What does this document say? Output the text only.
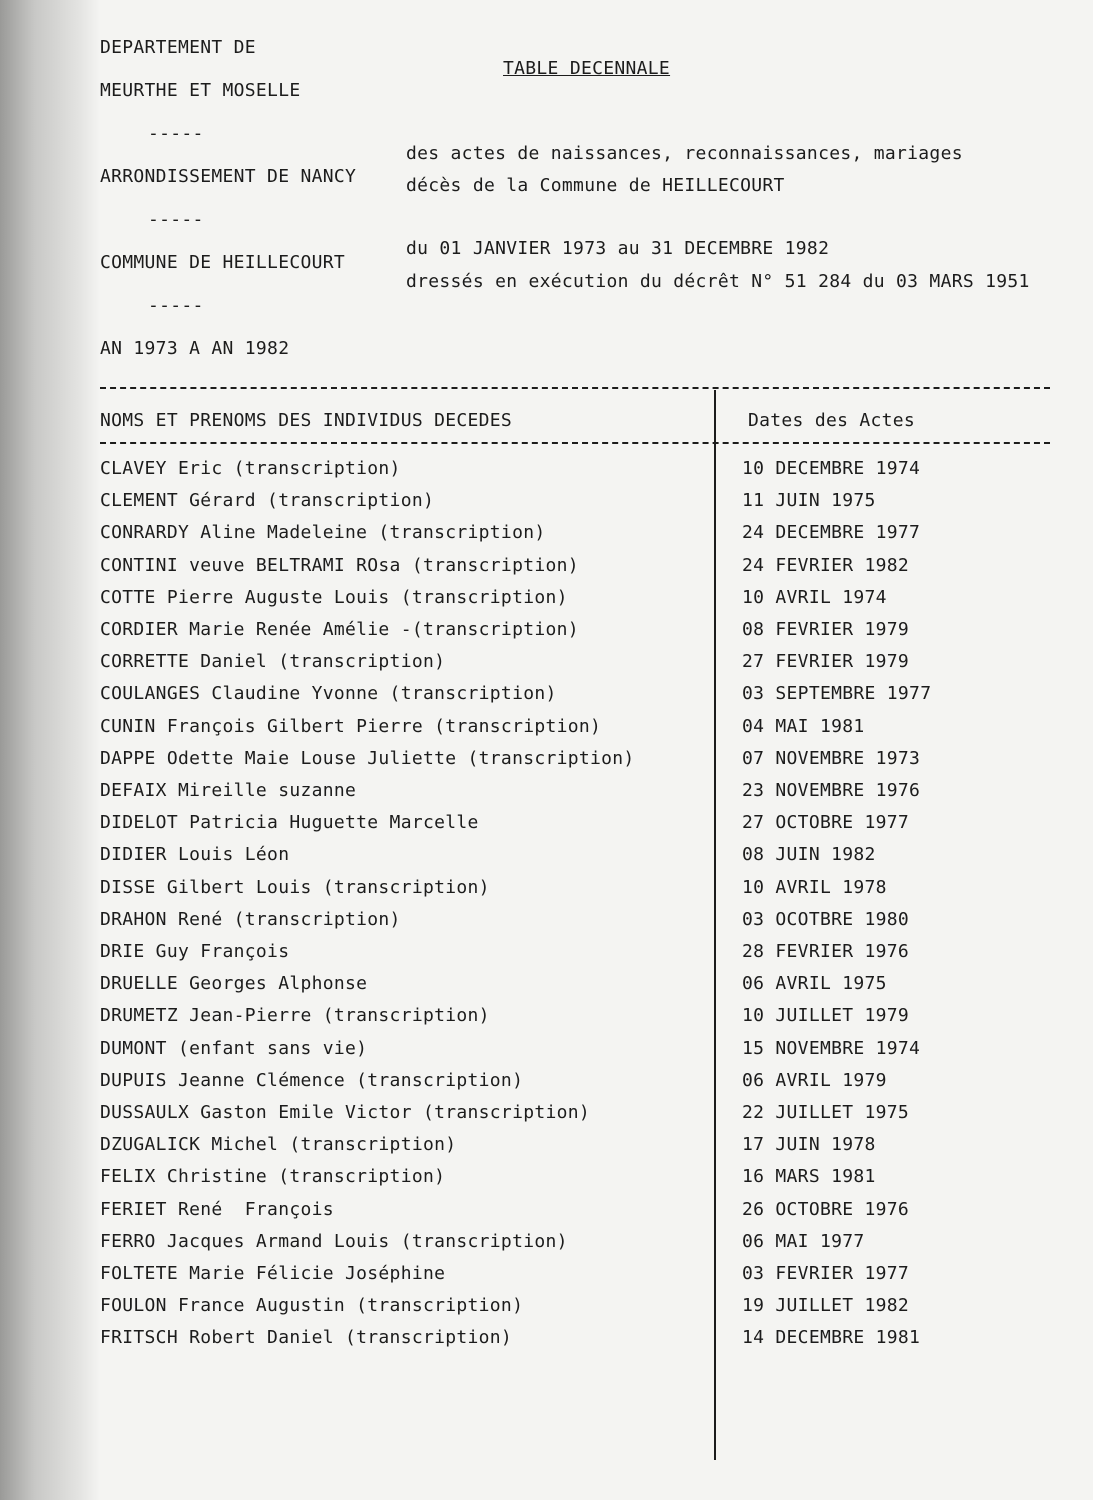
DEPARTEMENT DE
MEURTHE ET MOSELLE
-----
ARRONDISSEMENT DE NANCY
-----
COMMUNE DE HEILLECOURT
-----
AN 1973 A AN 1982
TABLE DECENNALE
des actes de naissances, reconnaissances, mariages
décès de la Commune de HEILLECOURT
du 01 JANVIER 1973 au 31 DECEMBRE 1982
dressés en exécution du décrêt N° 51 284 du 03 MARS 1951
NOMS ET PRENOMS DES INDIVIDUS DECEDES	Dates des Actes
CLAVEY Eric (transcription)	10 DECEMBRE 1974
CLEMENT Gérard (transcription)	11 JUIN 1975
CONRARDY Aline Madeleine (transcription)	24 DECEMBRE 1977
CONTINI veuve BELTRAMI ROsa (transcription)	24 FEVRIER 1982
COTTE Pierre Auguste Louis (transcription)	10 AVRIL 1974
CORDIER Marie Renée Amélie -(transcription)	08 FEVRIER 1979
CORRETTE Daniel (transcription)	27 FEVRIER 1979
COULANGES Claudine Yvonne (transcription)	03 SEPTEMBRE 1977
CUNIN François Gilbert Pierre (transcription)	04 MAI 1981
DAPPE Odette Maie Louse Juliette (transcription)	07 NOVEMBRE 1973
DEFAIX Mireille suzanne	23 NOVEMBRE 1976
DIDELOT Patricia Huguette Marcelle	27 OCTOBRE 1977
DIDIER Louis Léon	08 JUIN 1982
DISSE Gilbert Louis (transcription)	10 AVRIL 1978
DRAHON René (transcription)	03 OCOTBRE 1980
DRIE Guy François	28 FEVRIER 1976
DRUELLE Georges Alphonse	06 AVRIL 1975
DRUMETZ Jean-Pierre (transcription)	10 JUILLET 1979
DUMONT (enfant sans vie)	15 NOVEMBRE 1974
DUPUIS Jeanne Clémence (transcription)	06 AVRIL 1979
DUSSAULX Gaston Emile Victor (transcription)	22 JUILLET 1975
DZUGALICK Michel (transcription)	17 JUIN 1978
FELIX Christine (transcription)	16 MARS 1981
FERIET René  François	26 OCTOBRE 1976
FERRO Jacques Armand Louis (transcription)	06 MAI 1977
FOLTETE Marie Félicie Joséphine	03 FEVRIER 1977
FOULON France Augustin (transcription)	19 JUILLET 1982
FRITSCH Robert Daniel (transcription)	14 DECEMBRE 1981
